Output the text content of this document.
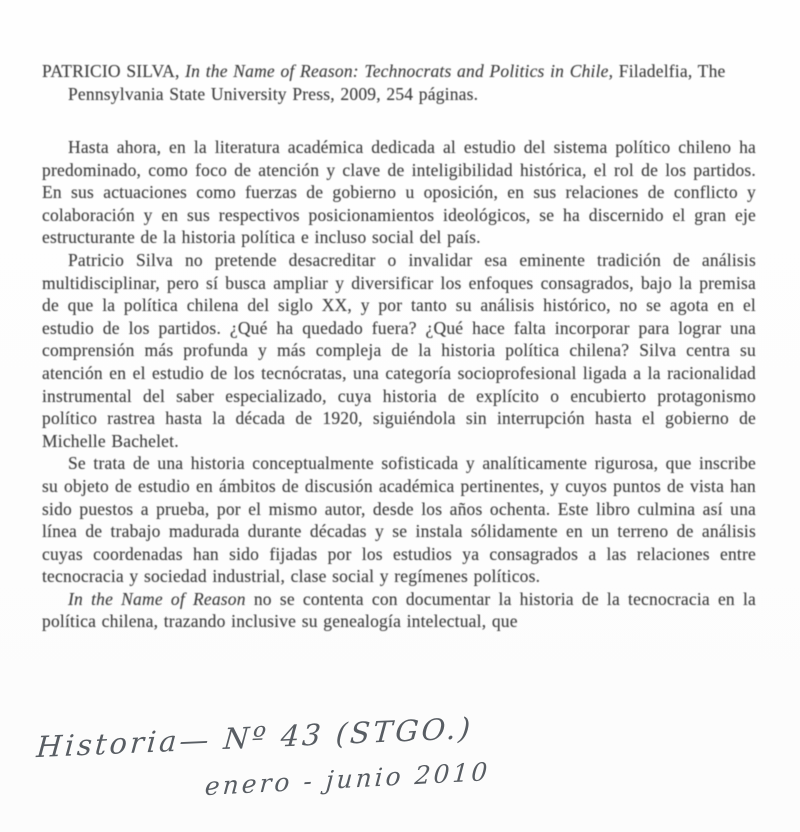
PATRICIO SILVA, In the Name of Reason: Technocrats and Politics in Chile, Filadelfia, The Pennsylvania State University Press, 2009, 254 páginas.

Hasta ahora, en la literatura académica dedicada al estudio del sistema político chileno ha predominado, como foco de atención y clave de inteligibilidad histórica, el rol de los partidos. En sus actuaciones como fuerzas de gobierno u oposición, en sus relaciones de conflicto y colaboración y en sus respectivos posicionamientos ideológicos, se ha discernido el gran eje estructurante de la historia política e incluso social del país.

Patricio Silva no pretende desacreditar o invalidar esa eminente tradición de análisis multidisciplinar, pero sí busca ampliar y diversificar los enfoques consagrados, bajo la premisa de que la política chilena del siglo XX, y por tanto su análisis histórico, no se agota en el estudio de los partidos. ¿Qué ha quedado fuera? ¿Qué hace falta incorporar para lograr una comprensión más profunda y más compleja de la historia política chilena? Silva centra su atención en el estudio de los tecnócratas, una categoría socioprofesional ligada a la racionalidad instrumental del saber especializado, cuya historia de explícito o encubierto protagonismo político rastrea hasta la década de 1920, siguiéndola sin interrupción hasta el gobierno de Michelle Bachelet.

Se trata de una historia conceptualmente sofisticada y analíticamente rigurosa, que inscribe su objeto de estudio en ámbitos de discusión académica pertinentes, y cuyos puntos de vista han sido puestos a prueba, por el mismo autor, desde los años ochenta. Este libro culmina así una línea de trabajo madurada durante décadas y se instala sólidamente en un terreno de análisis cuyas coordenadas han sido fijadas por los estudios ya consagrados a las relaciones entre tecnocracia y sociedad industrial, clase social y regímenes políticos.

In the Name of Reason no se contenta con documentar la historia de la tecnocracia en la política chilena, trazando inclusive su genealogía intelectual, que

Historia— Nº 43 (STGO.)
enero - junio 2010
